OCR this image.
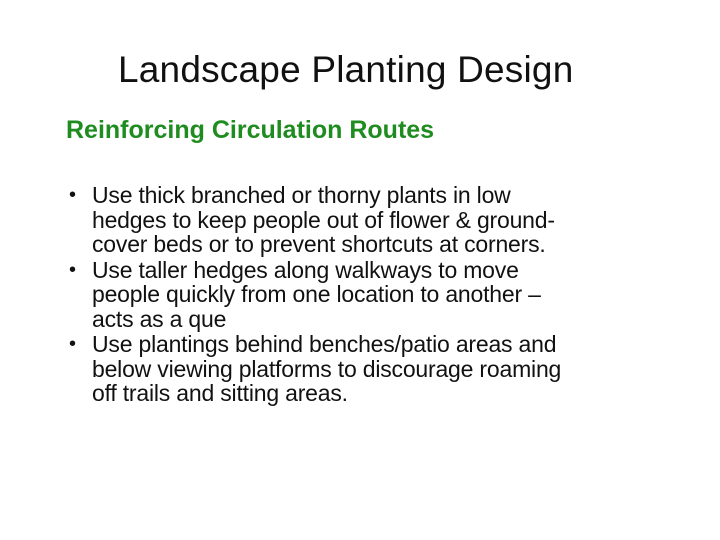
Landscape Planting Design
Reinforcing Circulation Routes
• Use thick branched or thorny plants in low
hedges to keep people out of flower & ground-
cover beds or to prevent shortcuts at corners.
• Use taller hedges along walkways to move
people quickly from one location to another –
acts as a que
• Use plantings behind benches/patio areas and
below viewing platforms to discourage roaming
off trails and sitting areas.
